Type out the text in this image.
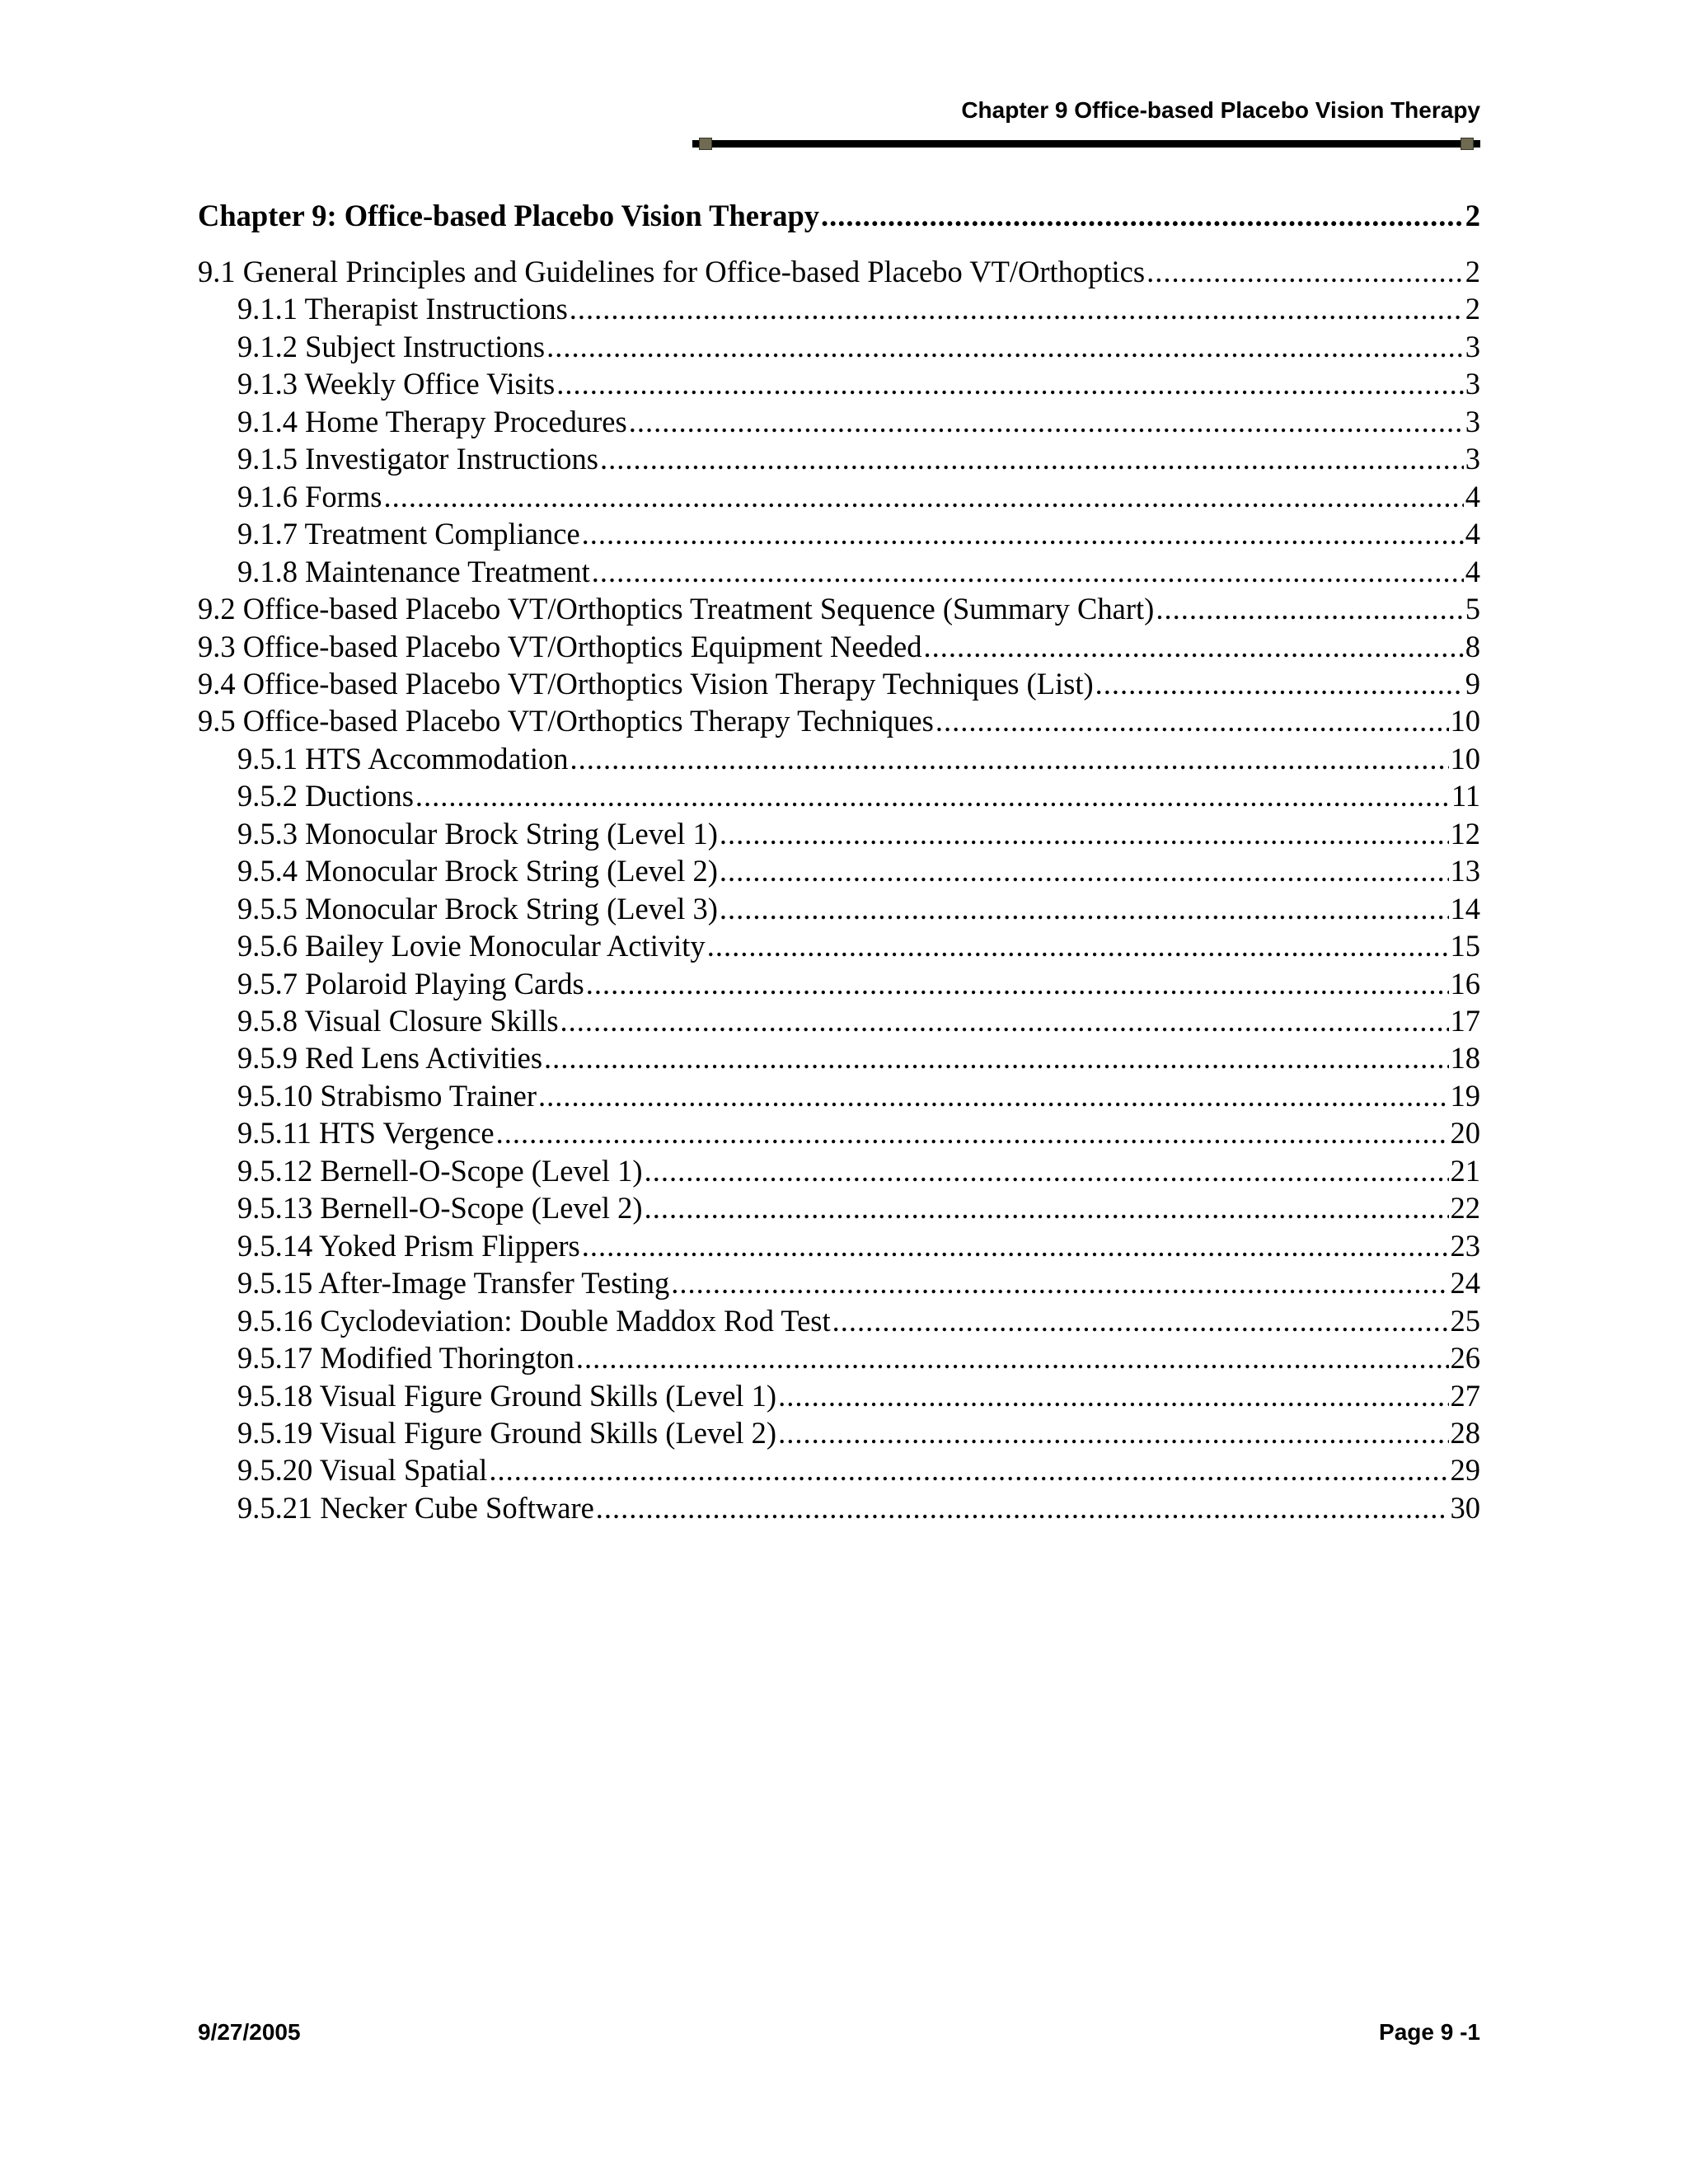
Chapter 9 Office-based Placebo Vision Therapy
Chapter 9: Office-based Placebo Vision Therapy .....	2
9.1 General Principles and Guidelines for Office-based Placebo VT/Orthoptics .....	2
9.1.1 Therapist Instructions .....	2
9.1.2 Subject Instructions .....	3
9.1.3 Weekly Office Visits .....	3
9.1.4 Home Therapy Procedures .....	3
9.1.5 Investigator Instructions .....	3
9.1.6 Forms .....	4
9.1.7 Treatment Compliance .....	4
9.1.8 Maintenance Treatment .....	4
9.2 Office-based Placebo VT/Orthoptics Treatment Sequence (Summary Chart) .....	5
9.3 Office-based Placebo VT/Orthoptics Equipment Needed .....	8
9.4 Office-based Placebo VT/Orthoptics Vision Therapy Techniques (List) .....	9
9.5 Office-based Placebo VT/Orthoptics Therapy Techniques .....	10
9.5.1 HTS Accommodation .....	10
9.5.2 Ductions .....	11
9.5.3 Monocular Brock String (Level 1) .....	12
9.5.4 Monocular Brock String (Level 2) .....	13
9.5.5 Monocular Brock String (Level 3) .....	14
9.5.6 Bailey Lovie Monocular Activity .....	15
9.5.7 Polaroid Playing Cards .....	16
9.5.8 Visual Closure Skills .....	17
9.5.9 Red Lens Activities .....	18
9.5.10 Strabismo Trainer .....	19
9.5.11 HTS Vergence .....	20
9.5.12 Bernell-O-Scope (Level 1) .....	21
9.5.13 Bernell-O-Scope (Level 2) .....	22
9.5.14 Yoked Prism Flippers .....	23
9.5.15 After-Image Transfer Testing .....	24
9.5.16 Cyclodeviation: Double Maddox Rod Test .....	25
9.5.17 Modified Thorington .....	26
9.5.18 Visual Figure Ground Skills (Level 1) .....	27
9.5.19 Visual Figure Ground Skills (Level 2) .....	28
9.5.20 Visual Spatial .....	29
9.5.21 Necker Cube Software .....	30
9/27/2005	Page 9 -1
